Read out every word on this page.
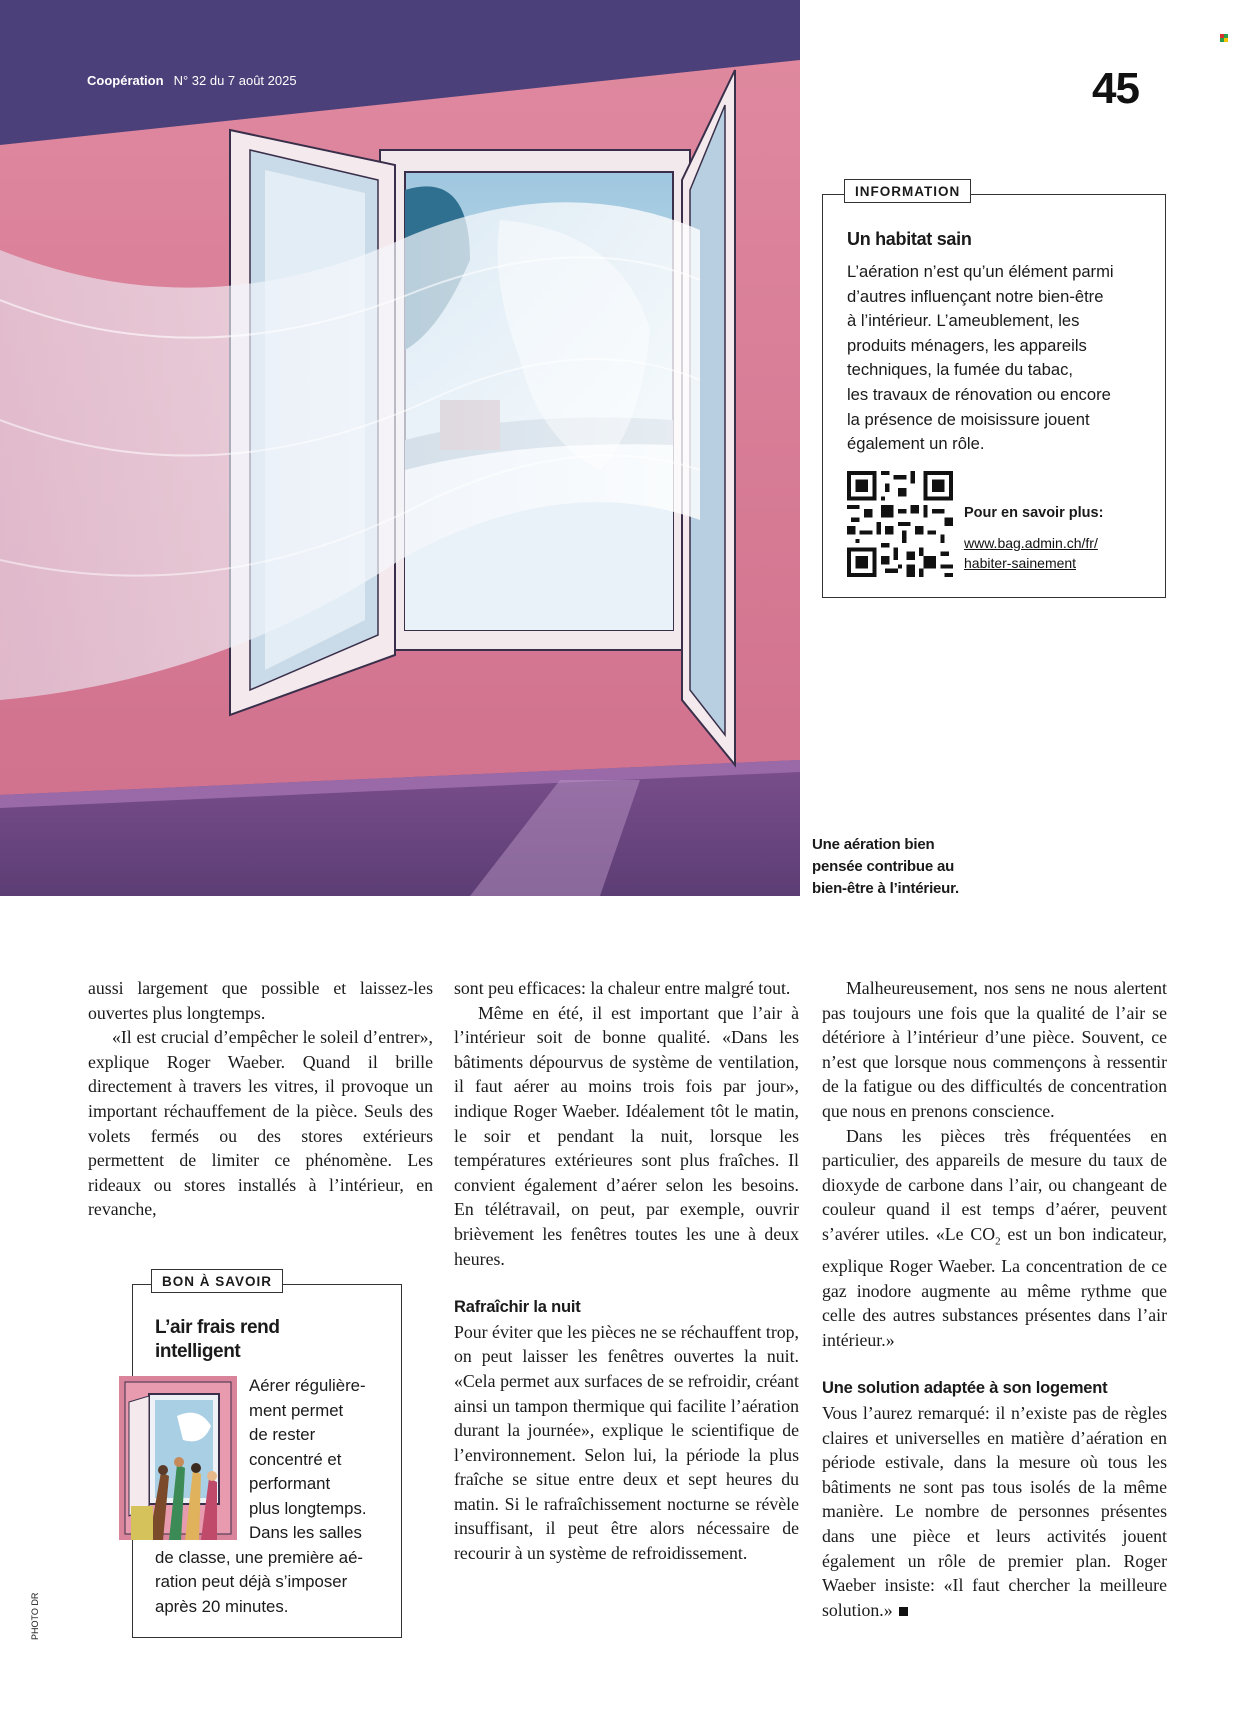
Coopération N° 32 du 7 août 2025	45
INFORMATION
Un habitat sain
L’aération n’est qu’un élément parmi
d’autres influençant notre bien-être
à l’intérieur. L’ameublement, les
produits ménagers, les appareils
techniques, la fumée du tabac,
les travaux de rénovation ou encore
la présence de moisissure jouent
également un rôle.
Pour en savoir plus:
www.bag.admin.ch/fr/
habiter-sainement
Une aération bien
pensée contribue au
bien-être à l’intérieur.

aussi largement que possible et laissez-les ouvertes plus longtemps.

«Il est crucial d’empêcher le soleil d’entrer», explique Roger Waeber. Quand il brille directement à travers les vitres, il provoque un important réchauffement de la pièce. Seuls des volets fermés ou des stores extérieurs permettent de limiter ce phénomène. Les rideaux ou stores installés à l’intérieur, en revanche,

BON À SAVOIR
L’air frais rend
intelligent
Aérer régulière-
ment permet
de rester
concentré et
performant
plus longtemps.
Dans les salles
de classe, une première aé-
ration peut déjà s’imposer
après 20 minutes.

sont peu efficaces: la chaleur entre malgré tout.

Même en été, il est important que l’air à l’intérieur soit de bonne qualité. «Dans les bâtiments dépourvus de système de ventilation, il faut aérer au moins trois fois par jour», indique Roger Waeber. Idéalement tôt le matin, le soir et pendant la nuit, lorsque les températures extérieures sont plus fraîches. Il convient également d’aérer selon les besoins. En télétravail, on peut, par exemple, ouvrir brièvement les fenêtres toutes les une à deux heures.

Rafraîchir la nuit

Pour éviter que les pièces ne se réchauffent trop, on peut laisser les fenêtres ouvertes la nuit. «Cela permet aux surfaces de se refroidir, créant ainsi un tampon thermique qui facilite l’aération durant la journée», explique le scientifique de l’environnement. Selon lui, la période la plus fraîche se situe entre deux et sept heures du matin. Si le rafraîchissement nocturne se révèle insuffisant, il peut être alors nécessaire de recourir à un système de refroidissement.

Malheureusement, nos sens ne nous alertent pas toujours une fois que la qualité de l’air se détériore à l’intérieur d’une pièce. Souvent, ce n’est que lorsque nous commençons à ressentir de la fatigue ou des difficultés de concentration que nous en prenons conscience.

Dans les pièces très fréquentées en particulier, des appareils de mesure du taux de dioxyde de carbone dans l’air, ou changeant de couleur quand il est temps d’aérer, peuvent s’avérer utiles. «Le $CO_2$ est un bon indicateur, explique Roger Waeber. La concentration de ce gaz inodore augmente au même rythme que celle des autres substances présentes dans l’air intérieur.»

Une solution adaptée à son logement

Vous l’aurez remarqué: il n’existe pas de règles claires et universelles en matière d’aération en période estivale, dans la mesure où tous les bâtiments ne sont pas tous isolés de la même manière. Le nombre de personnes présentes dans une pièce et leurs activités jouent également un rôle de premier plan. Roger Waeber insiste: «Il faut chercher la meilleure solution.»

PHOTO DR
